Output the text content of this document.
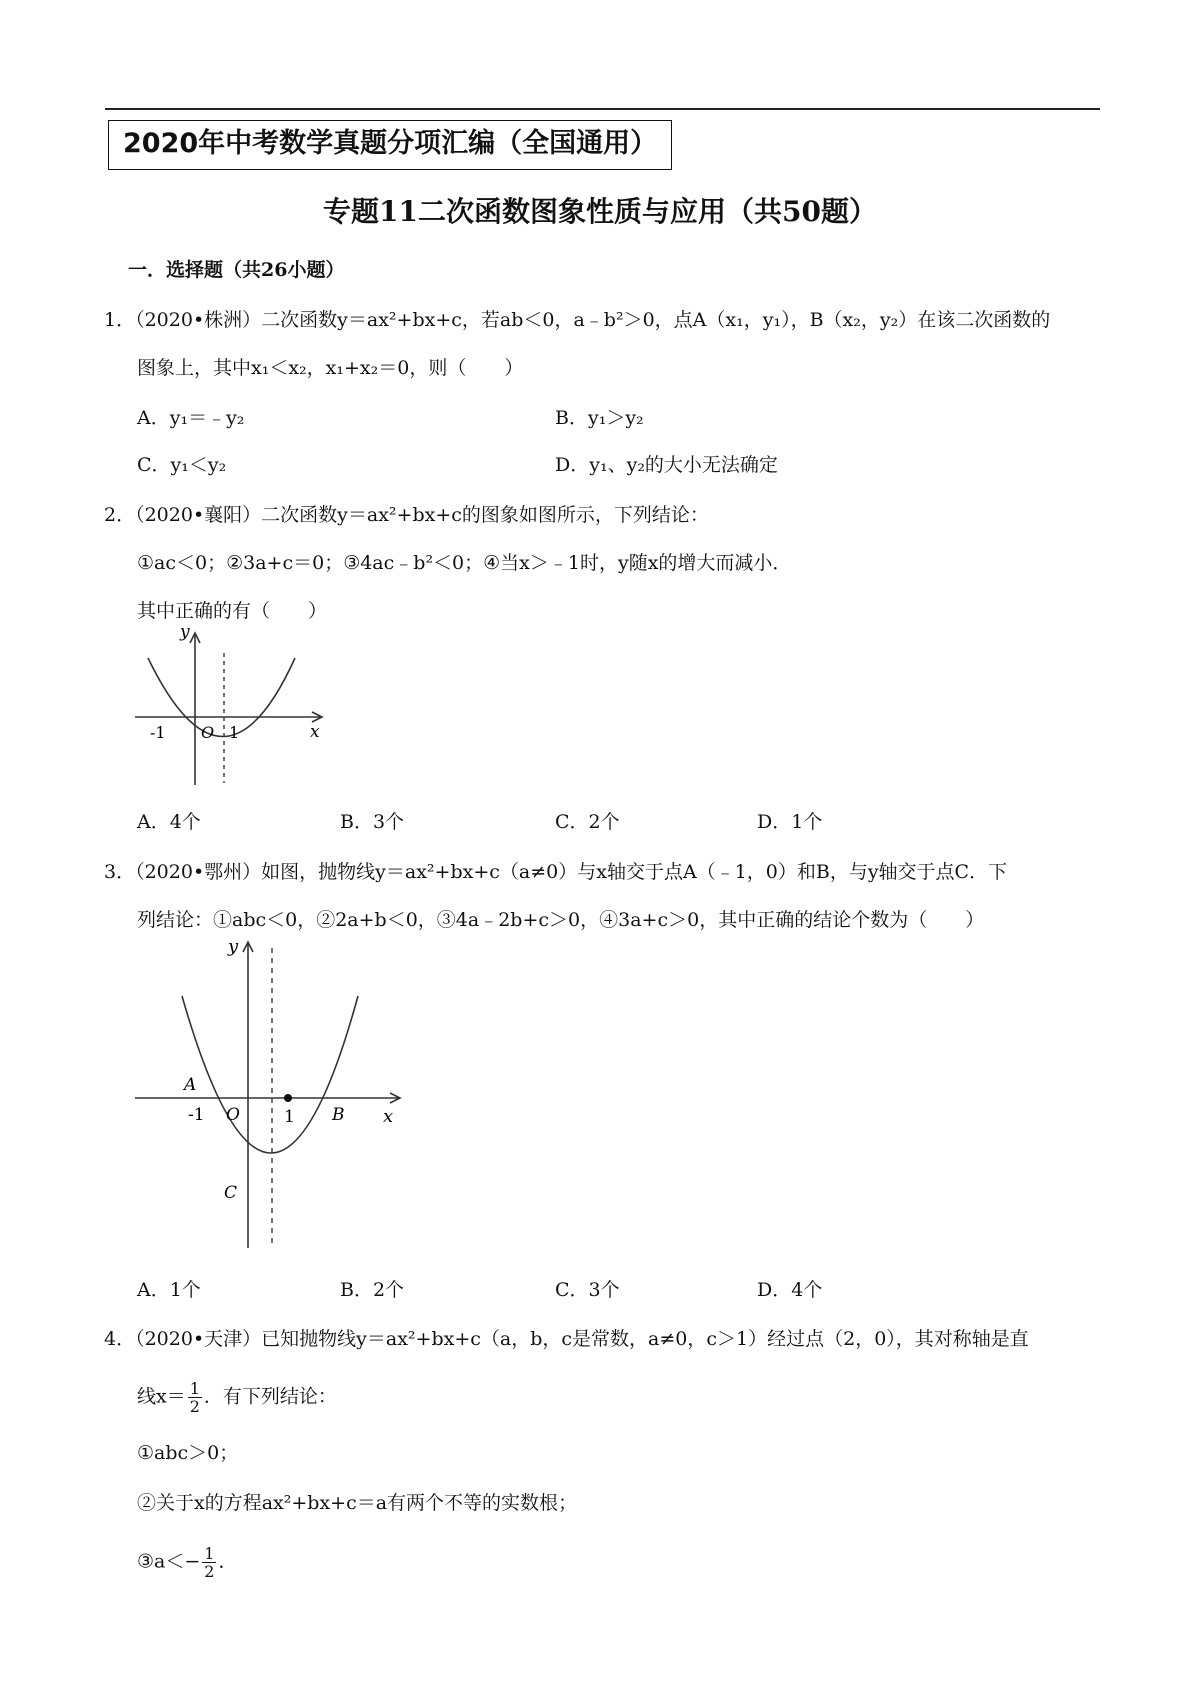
2020年中考数学真题分项汇编（全国通用）
专题11二次函数图象性质与应用（共50题）
一．选择题（共26小题）
1．（2020•株洲）二次函数y＝ax²+bx+c，若ab＜0，a﹣b²＞0，点A（x₁，y₁），B（x₂，y₂）在该二次函数的
图象上，其中x₁＜x₂，x₁+x₂＝0，则（　　）
A．y₁＝﹣y₂	B．y₁＞y₂
C．y₁＜y₂	D．y₁、y₂的大小无法确定
2．（2020•襄阳）二次函数y＝ax²+bx+c的图象如图所示，下列结论：
①ac＜0；②3a+c＝0；③4ac﹣b²＜0；④当x＞﹣1时，y随x的增大而减小．
其中正确的有（　　）
y
x
-1 O 1
A．4个	B．3个	C．2个	D．1个
3．（2020•鄂州）如图，抛物线y＝ax²+bx+c（a≠0）与x轴交于点A（﹣1，0）和B，与y轴交于点C．下
列结论：①abc＜0，②2a+b＜0，③4a﹣2b+c＞0，④3a+c＞0，其中正确的结论个数为（　　）
y
x
A
-1 O	1 B
C
A．1个	B．2个	C．3个	D．4个
4．（2020•天津）已知抛物线y＝ax²+bx+c（a，b，c是常数，a≠0，c＞1）经过点（2，0），其对称轴是直
线$x= \frac{1}{2}$ ．有下列结论：
①abc＞0；
②关于x的方程ax²+bx+c＝a有两个不等的实数根；
③a＜− $\frac{1}{2}$ ．
